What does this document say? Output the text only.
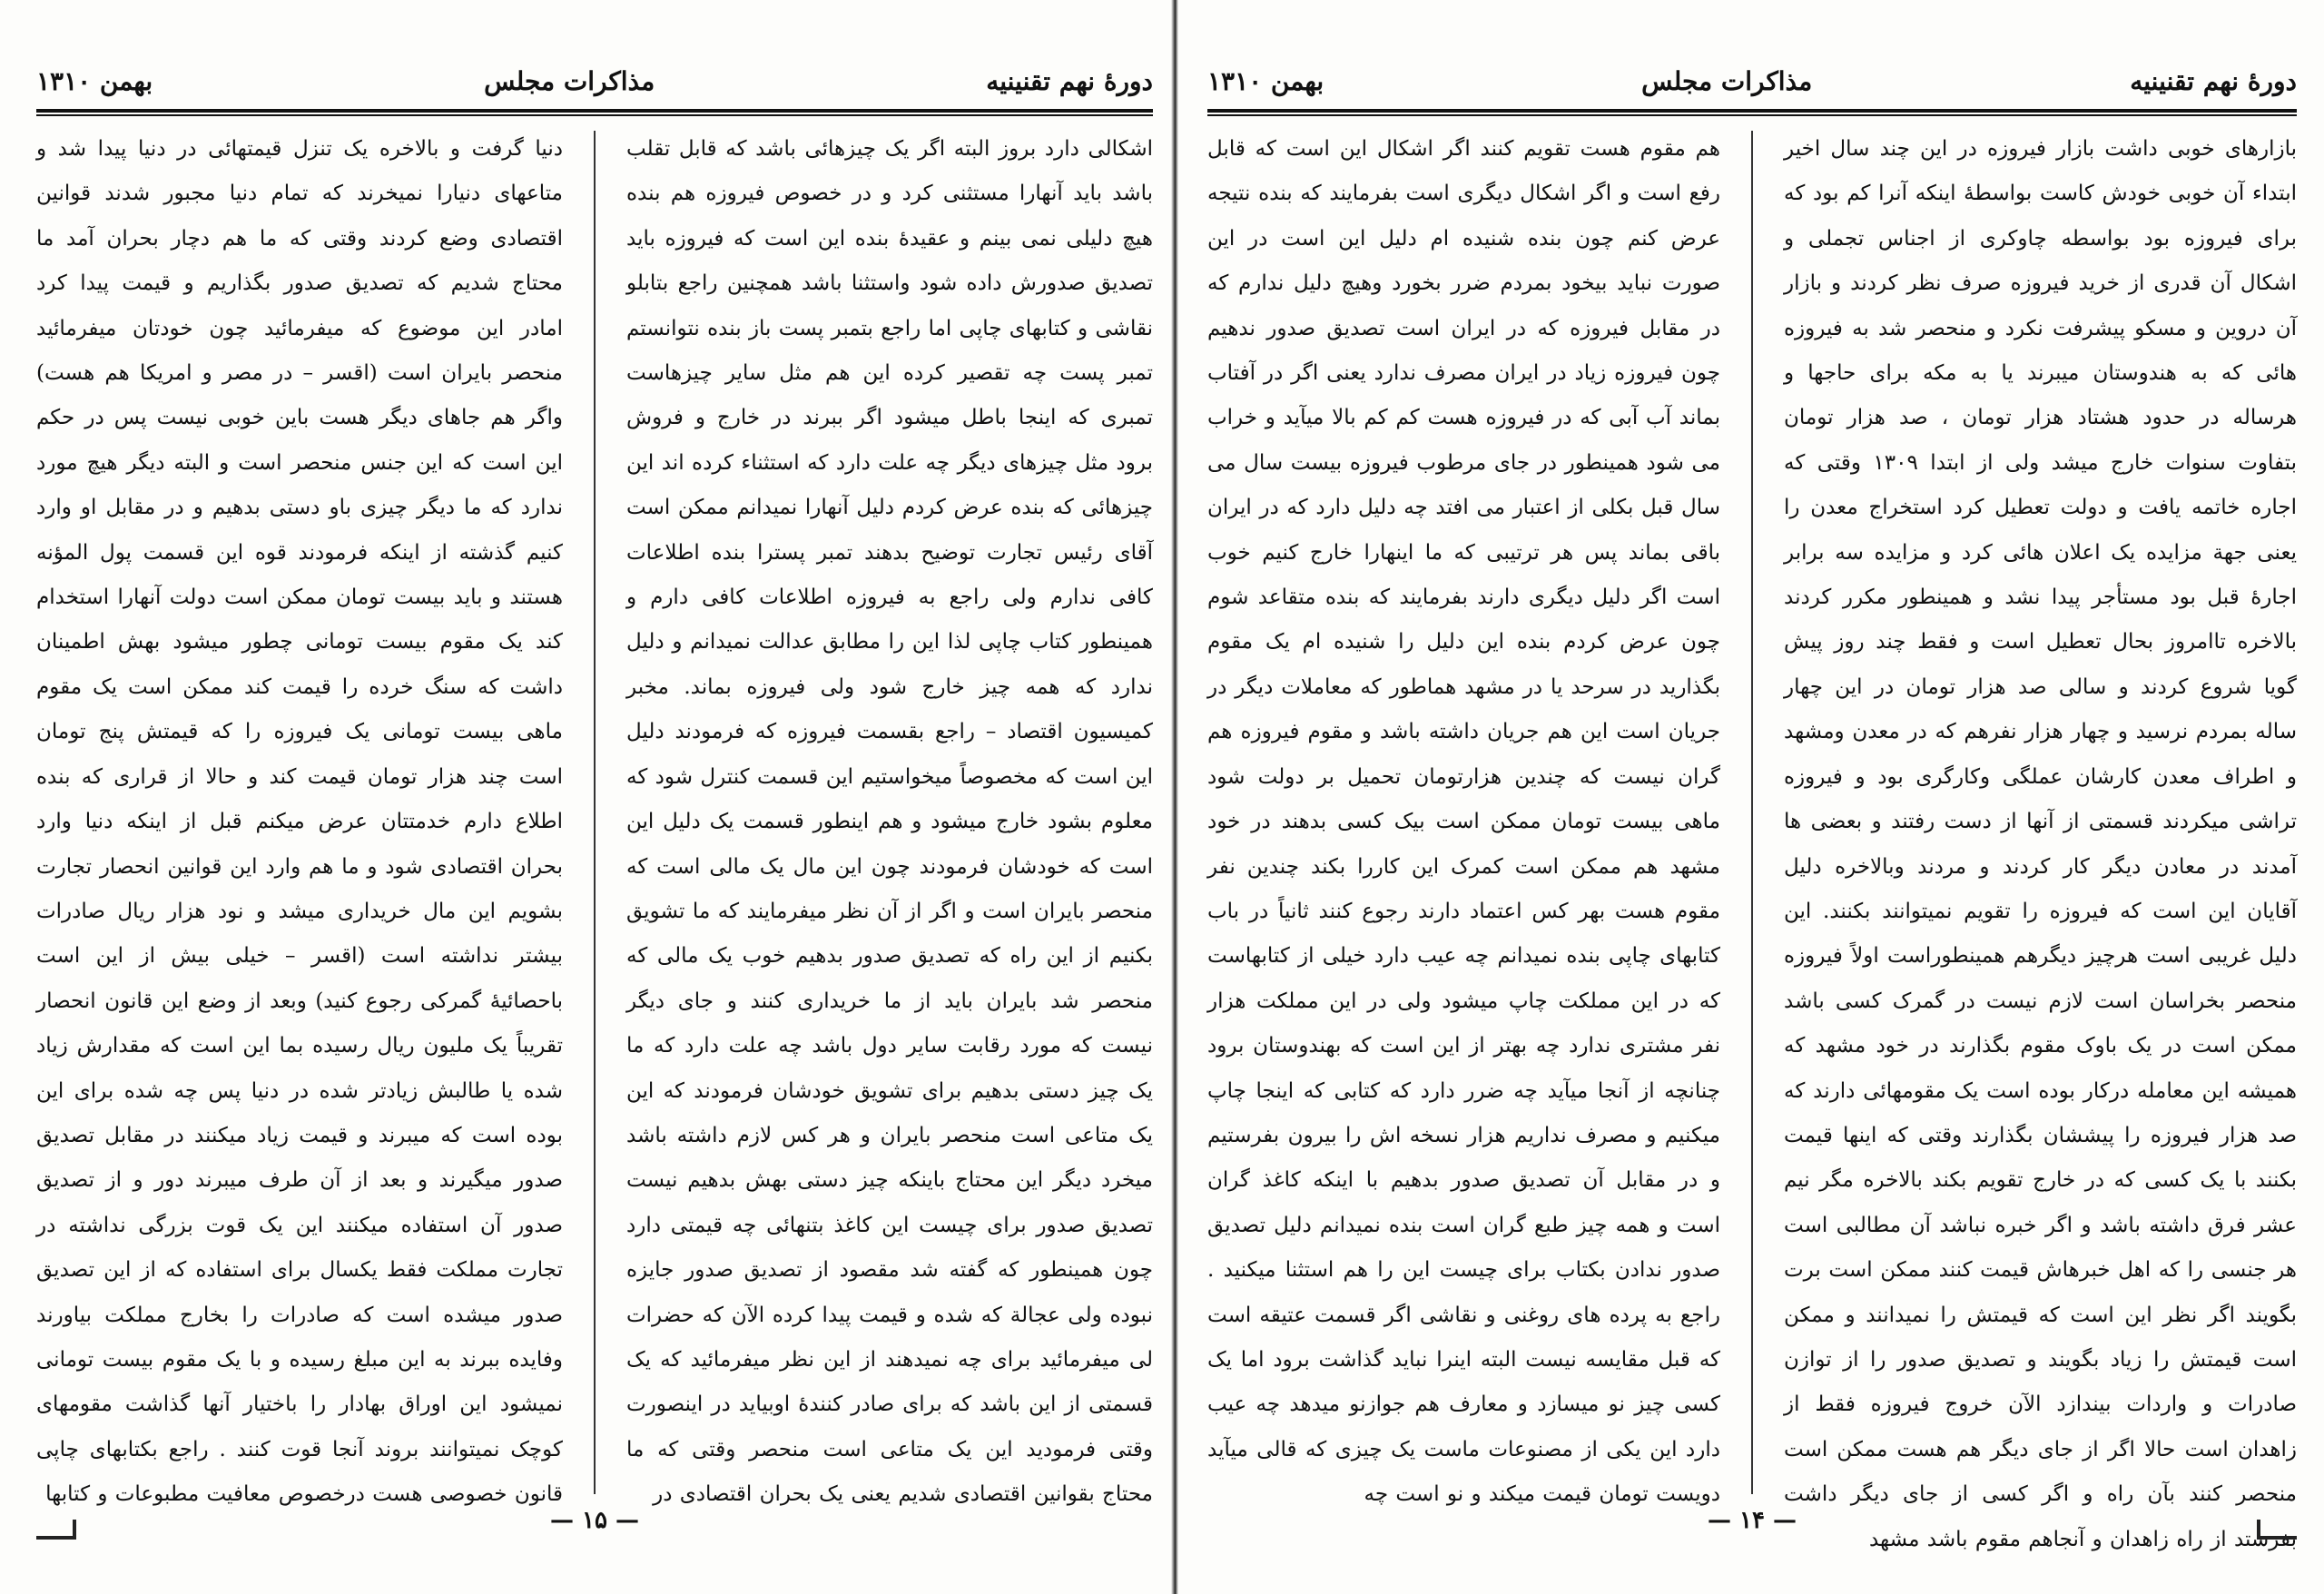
دورهٔ نهم تقنینیه
مذاکرات مجلس
بهمن ۱۳۱۰

اشکالی دارد بروز البته اگر یک چیزهائی باشد که قابل تقلب باشد باید آنهارا مستثنی کرد و در خصوص فیروزه هم بنده هیچ دلیلی نمی بینم و عقیدهٔ بنده این است که فیروزه باید تصدیق صدورش داده شود واستثنا باشد همچنین راجع بتابلو نقاشی و کتابهای چاپی اما راجع بتمبر پست باز بنده نتوانستم تمبر پست چه تقصیر کرده این هم مثل سایر چیزهاست تمبری که اینجا باطل میشود اگر ببرند در خارج و فروش برود مثل چیزهای دیگر چه علت دارد که استثناء کرده اند این چیزهائی که بنده عرض کردم دلیل آنهارا نمیدانم ممکن است آقای رئیس تجارت توضیح بدهند تمبر پسترا بنده اطلاعات کافی ندارم ولی راجع به فیروزه اطلاعات کافی دارم و همینطور کتاب چاپی لذا این را مطابق عدالت نمیدانم و دلیل ندارد که همه چیز خارج شود ولی فیروزه بماند. مخبر کمیسیون اقتصاد – راجع بقسمت فیروزه که فرمودند دلیل این است که مخصوصاً میخواستیم این قسمت کنترل شود که معلوم بشود خارج میشود و هم اینطور قسمت یک دلیل این است که خودشان فرمودند چون این مال یک مالی است که منحصر بایران است و اگر از آن نظر میفرمایند که ما تشویق بکنیم از این راه که تصدیق صدور بدهیم خوب یک مالی که منحصر شد بایران باید از ما خریداری کنند و جای دیگر نیست که مورد رقابت سایر دول باشد چه علت دارد که ما یک چیز دستی بدهیم برای تشویق خودشان فرمودند که این یک متاعی است منحصر بایران و هر کس لازم داشته باشد میخرد دیگر این محتاج باینکه چیز دستی بهش بدهیم نیست تصدیق صدور برای چیست این کاغذ بتنهائی چه قیمتی دارد چون همینطور که گفته شد مقصود از تصدیق صدور جایزه نبوده ولی عجالة که شده و قیمت پیدا کرده الآن که حضرات لی میفرمائید برای چه نمیدهند از این نظر میفرمائید که یک قسمتی از این باشد که برای صادر کنندهٔ اوبیاید در اینصورت وقتی فرمودید این یک متاعی است منحصر وقتی که ما محتاج بقوانین اقتصادی شدیم یعنی یک بحران اقتصادی در

دنیا گرفت و بالاخره یک تنزل قیمتهائی در دنیا پیدا شد و متاعهای دنیارا نمیخرند که تمام دنیا مجبور شدند قوانین اقتصادی وضع کردند وقتی که ما هم دچار بحران آمد ما محتاج شدیم که تصدیق صدور بگذاریم و قیمت پیدا کرد امادر این موضوع که میفرمائید چون خودتان میفرمائید منحصر بایران است (اقسر – در مصر و امریکا هم هست) واگر هم جاهای دیگر هست باین خوبی نیست پس در حکم این است که این جنس منحصر است و البته دیگر هیچ مورد ندارد که ما دیگر چیزی باو دستی بدهیم و در مقابل او وارد کنیم گذشته از اینکه فرمودند قوه این قسمت پول المؤنه هستند و باید بیست تومان ممکن است دولت آنهارا استخدام کند یک مقوم بیست تومانی چطور میشود بهش اطمینان داشت که سنگ خرده را قیمت کند ممکن است یک مقوم ماهی بیست تومانی یک فیروزه را که قیمتش پنج تومان است چند هزار تومان قیمت کند و حالا از قراری که بنده اطلاع دارم خدمتتان عرض میکنم قبل از اینکه دنیا وارد بحران اقتصادی شود و ما هم وارد این قوانین انحصار تجارت بشویم این مال خریداری میشد و نود هزار ریال صادرات بیشتر نداشته است (اقسر – خیلی بیش از این است باحصائیهٔ گمرکی رجوع کنید) وبعد از وضع این قانون انحصار تقریباً یک ملیون ریال رسیده بما این است که مقدارش زیاد شده یا طالبش زیادتر شده در دنیا پس چه شده برای این بوده است که میبرند و قیمت زیاد میکنند در مقابل تصدیق صدور میگیرند و بعد از آن طرف میبرند دور و از تصدیق صدور آن استفاده میکنند این یک قوت بزرگی نداشته در تجارت مملکت فقط یکسال برای استفاده که از این تصدیق صدور میشده است که صادرات را بخارج مملکت بیاورند وفایده ببرند به این مبلغ رسیده و با یک مقوم بیست تومانی نمیشود این اوراق بهادار را باختیار آنها گذاشت مقومهای کوچک نمیتوانند بروند آنجا قوت کنند . راجع بکتابهای چاپی قانون خصوصی هست درخصوص معافیت مطبوعات و کتابها

— ۱۵ —
دورهٔ نهم تقنینیه
مذاکرات مجلس
بهمن ۱۳۱۰

بازارهای خوبی داشت بازار فیروزه در این چند سال اخیر ابتداء آن خوبی خودش کاست بواسطهٔ اینکه آنرا کم بود که برای فیروزه بود بواسطه چاوکری از اجناس تجملی و اشکال آن قدری از خرید فیروزه صرف نظر کردند و بازار آن دروین و مسکو پیشرفت نکرد و منحصر شد به فیروزه هائی که به هندوستان میبرند یا به مکه برای حاجها و هرساله در حدود هشتاد هزار تومان ، صد هزار تومان بتفاوت سنوات خارج میشد ولی از ابتدا ۱۳۰۹ وقتی که اجاره خاتمه یافت و دولت تعطیل کرد استخراج معدن را یعنی جهة مزایده یک اعلان هائی کرد و مزایده سه برابر اجارهٔ قبل بود مستأجر پیدا نشد و همینطور مکرر کردند بالاخره تاامروز بحال تعطیل است و فقط چند روز پیش گویا شروع کردند و سالی صد هزار تومان در این چهار ساله بمردم نرسید و چهار هزار نفرهم که در معدن ومشهد و اطراف معدن کارشان عملگی وکارگری بود و فیروزه تراشی میکردند قسمتی از آنها از دست رفتند و بعضی ها آمدند در معادن دیگر کار کردند و مردند وبالاخره دلیل آقایان این است که فیروزه را تقویم نمیتوانند بکنند. این دلیل غریبی است هرچیز دیگرهم همینطوراست اولاً فیروزه منحصر بخراسان است لازم نیست در گمرک کسی باشد ممکن است در یک باوک مقوم بگذارند در خود مشهد که همیشه این معامله درکار بوده است یک مقومهائی دارند که صد هزار فیروزه را پیششان بگذارند وقتی که اینها قیمت بکنند با یک کسی که در خارج تقویم بکند بالاخره مگر نیم عشر فرق داشته باشد و اگر خبره نباشد آن مطالبی است هر جنسی را که اهل خبرهاش قیمت کنند ممکن است برت بگویند اگر نظر این است که قیمتش را نمیدانند و ممکن است قیمتش را زیاد بگویند و تصدیق صدور را از توازن صادرات و واردات بیندازد الآن خروج فیروزه فقط از زاهدان است حالا اگر از جای دیگر هم هست ممکن است منحصر کنند بآن راه و اگر کسی از جای دیگر داشت بفرستد از راه زاهدان و آنجاهم مقوم باشد مشهد

هم مقوم هست تقویم کنند اگر اشکال این است که قابل رفع است و اگر اشکال دیگری است بفرمایند که بنده نتیجه عرض کنم چون بنده شنیده ام دلیل این است در این صورت نباید بیخود بمردم ضرر بخورد وهیچ دلیل ندارم که در مقابل فیروزه که در ایران است تصدیق صدور ندهیم چون فیروزه زیاد در ایران مصرف ندارد یعنی اگر در آفتاب بماند آب آبی که در فیروزه هست کم کم بالا میآید و خراب می شود همینطور در جای مرطوب فیروزه بیست سال می سال قبل بکلی از اعتبار می افتد چه دلیل دارد که در ایران باقی بماند پس هر ترتیبی که ما اینهارا خارج کنیم خوب است اگر دلیل دیگری دارند بفرمایند که بنده متقاعد شوم چون عرض کردم بنده این دلیل را شنیده ام یک مقوم بگذارید در سرحد یا در مشهد هماطور که معاملات دیگر در جریان است این هم جریان داشته باشد و مقوم فیروزه هم گران نیست که چندین هزارتومان تحمیل بر دولت شود ماهی بیست تومان ممکن است بیک کسی بدهند در خود مشهد هم ممکن است کمرک این کاررا بکند چندین نفر مقوم هست بهر کس اعتماد دارند رجوع کنند ثانیاً در باب کتابهای چاپی بنده نمیدانم چه عیب دارد خیلی از کتابهاست که در این مملکت چاپ میشود ولی در این مملکت هزار نفر مشتری ندارد چه بهتر از این است که بهندوستان برود چنانچه از آنجا میآید چه ضرر دارد که کتابی که اینجا چاپ میکنیم و مصرف نداریم هزار نسخه اش را بیرون بفرستیم و در مقابل آن تصدیق صدور بدهیم با اینکه کاغذ گران است و همه چیز طبع گران است بنده نمیدانم دلیل تصدیق صدور ندادن بکتاب برای چیست این را هم استثنا میکنید . راجع به پرده های روغنی و نقاشی اگر قسمت عتیقه است که قبل مقایسه نیست البته اینرا نباید گذاشت برود اما یک کسی چیز نو میسازد و معارف هم جوازنو میدهد چه عیب دارد این یکی از مصنوعات ماست یک چیزی که قالی میآید دویست تومان قیمت میکند و نو است چه

— ۱۴ —
